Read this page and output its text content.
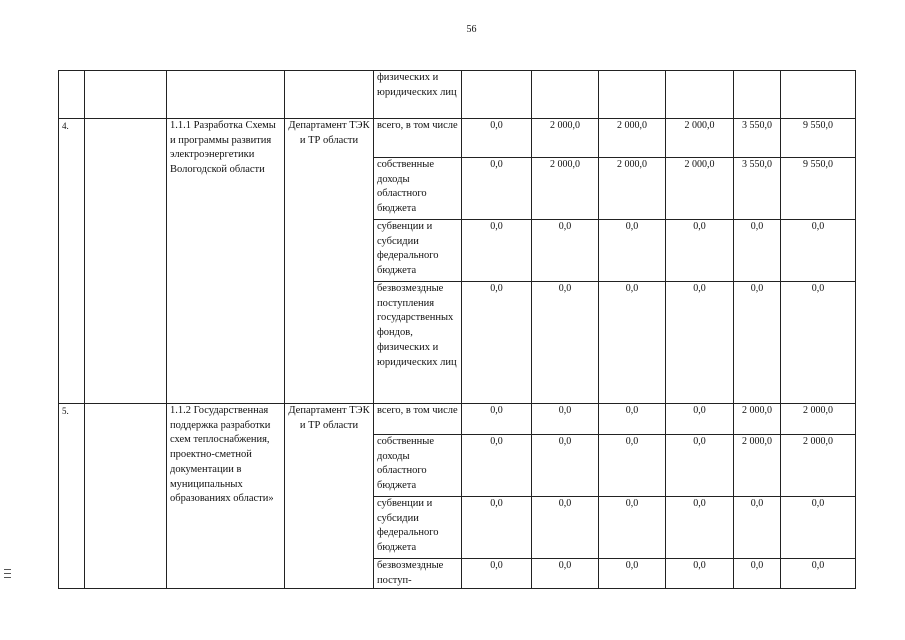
56
				физических и юридических лиц						
4.		1.1.1 Разработка Схемы и программы развития электроэнергетики Вологодской области	Департамент ТЭК и ТР области	всего, в том числе	0,0	2 000,0	2 000,0	2 000,0	3 550,0	9 550,0
				собственные доходы областного бюджета	0,0	2 000,0	2 000,0	2 000,0	3 550,0	9 550,0
				субвенции и субсидии федерального бюджета	0,0	0,0	0,0	0,0	0,0	0,0
				безвозмездные поступления государственных фондов, физических и юридических лиц	0,0	0,0	0,0	0,0	0,0	0,0
5.		1.1.2 Государственная поддержка разработки схем теплоснабжения, проектно-сметной документации в муниципальных образованиях области»	Департамент ТЭК и ТР области	всего, в том числе	0,0	0,0	0,0	0,0	2 000,0	2 000,0
				собственные доходы областного бюджета	0,0	0,0	0,0	0,0	2 000,0	2 000,0
				субвенции и субсидии федерального бюджета	0,0	0,0	0,0	0,0	0,0	0,0
				безвозмездные поступ-	0,0	0,0	0,0	0,0	0,0	0,0
